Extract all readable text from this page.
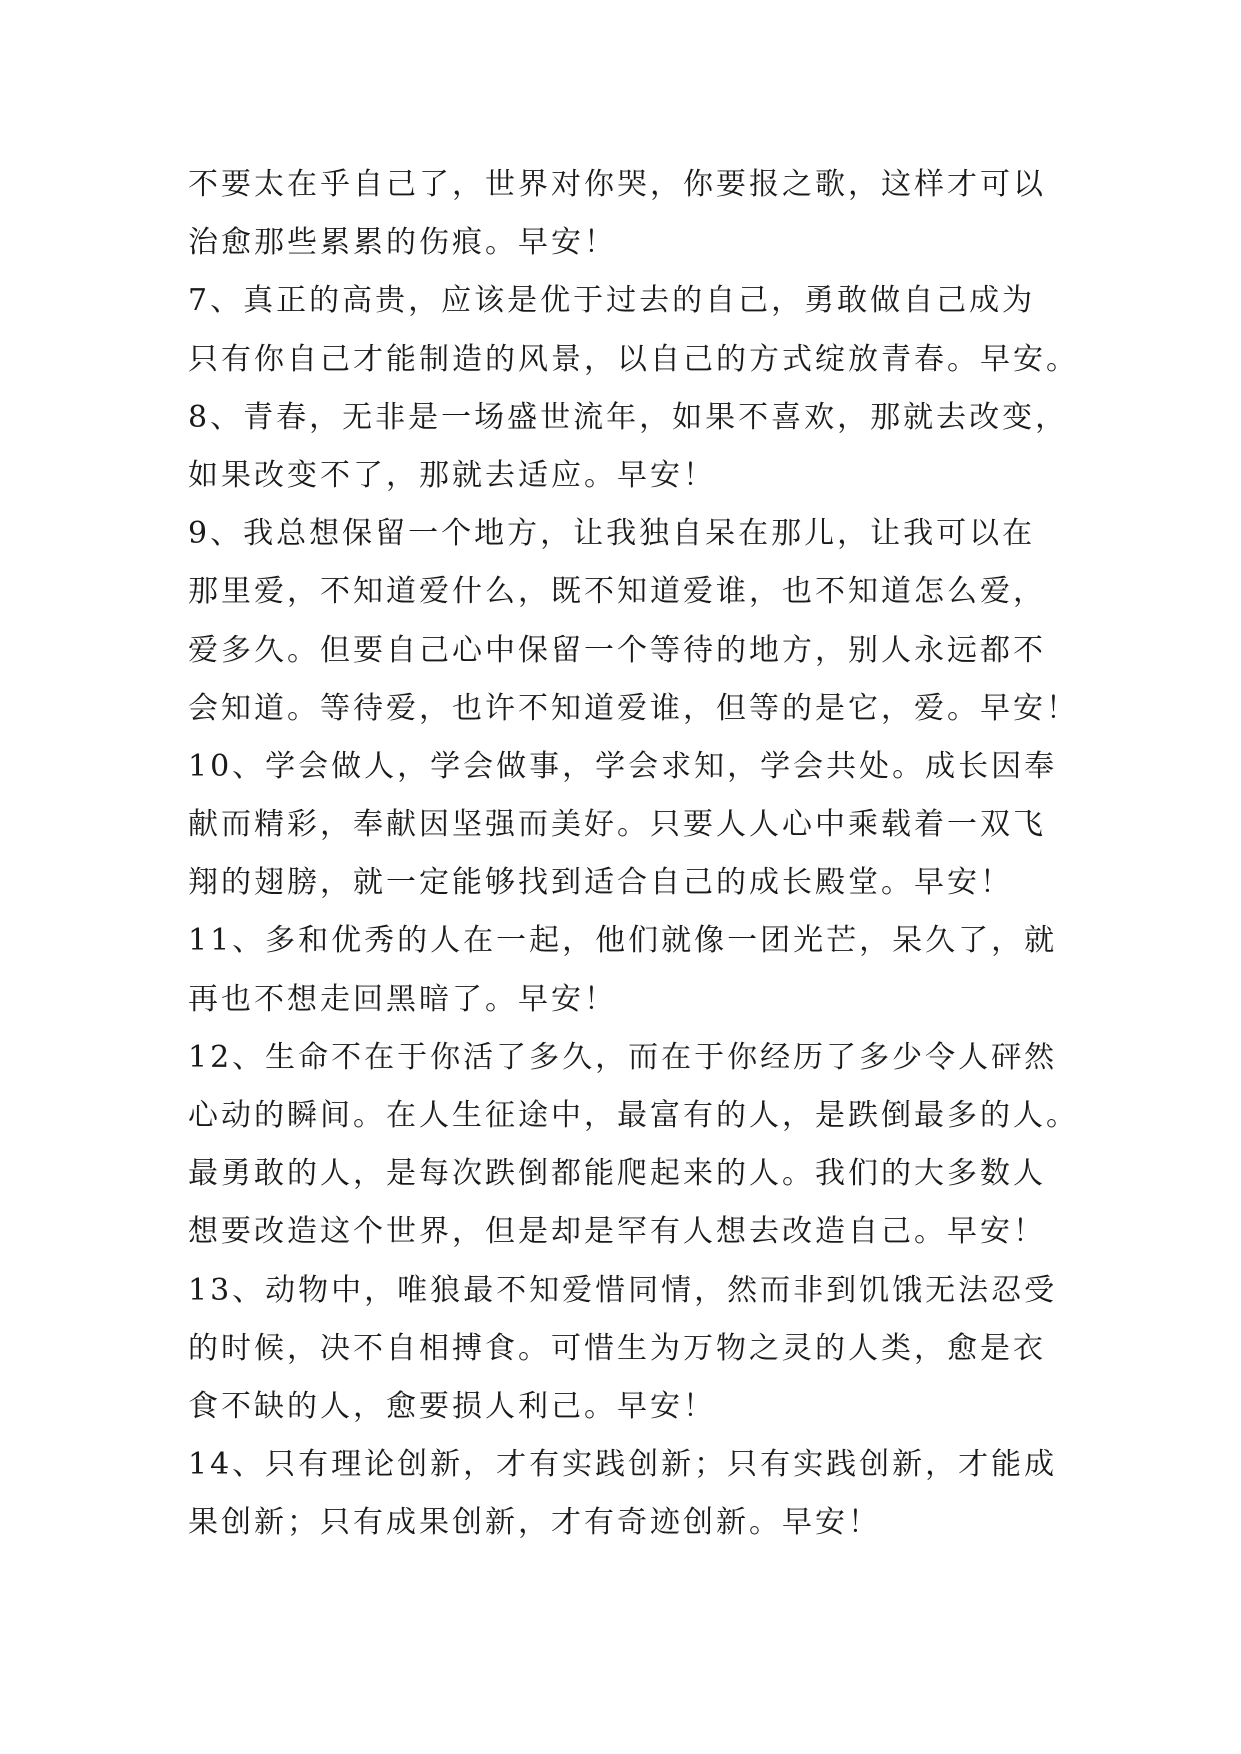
不要太在乎自己了，世界对你哭，你要报之歌，这样才可以
治愈那些累累的伤痕。早安！
7、真正的高贵，应该是优于过去的自己，勇敢做自己成为
只有你自己才能制造的风景，以自己的方式绽放青春。早安。
8、青春，无非是一场盛世流年，如果不喜欢，那就去改变，
如果改变不了，那就去适应。早安！
9、我总想保留一个地方，让我独自呆在那儿，让我可以在
那里爱，不知道爱什么，既不知道爱谁，也不知道怎么爱，
爱多久。但要自己心中保留一个等待的地方，别人永远都不
会知道。等待爱，也许不知道爱谁，但等的是它，爱。早安！
10、学会做人，学会做事，学会求知，学会共处。成长因奉
献而精彩，奉献因坚强而美好。只要人人心中乘载着一双飞
翔的翅膀，就一定能够找到适合自己的成长殿堂。早安！
11、多和优秀的人在一起，他们就像一团光芒，呆久了，就
再也不想走回黑暗了。早安！
12、生命不在于你活了多久，而在于你经历了多少令人砰然
心动的瞬间。在人生征途中，最富有的人，是跌倒最多的人。
最勇敢的人，是每次跌倒都能爬起来的人。我们的大多数人
想要改造这个世界，但是却是罕有人想去改造自己。早安！
13、动物中，唯狼最不知爱惜同情，然而非到饥饿无法忍受
的时候，决不自相搏食。可惜生为万物之灵的人类，愈是衣
食不缺的人，愈要损人利己。早安！
14、只有理论创新，才有实践创新；只有实践创新，才能成
果创新；只有成果创新，才有奇迹创新。早安！
